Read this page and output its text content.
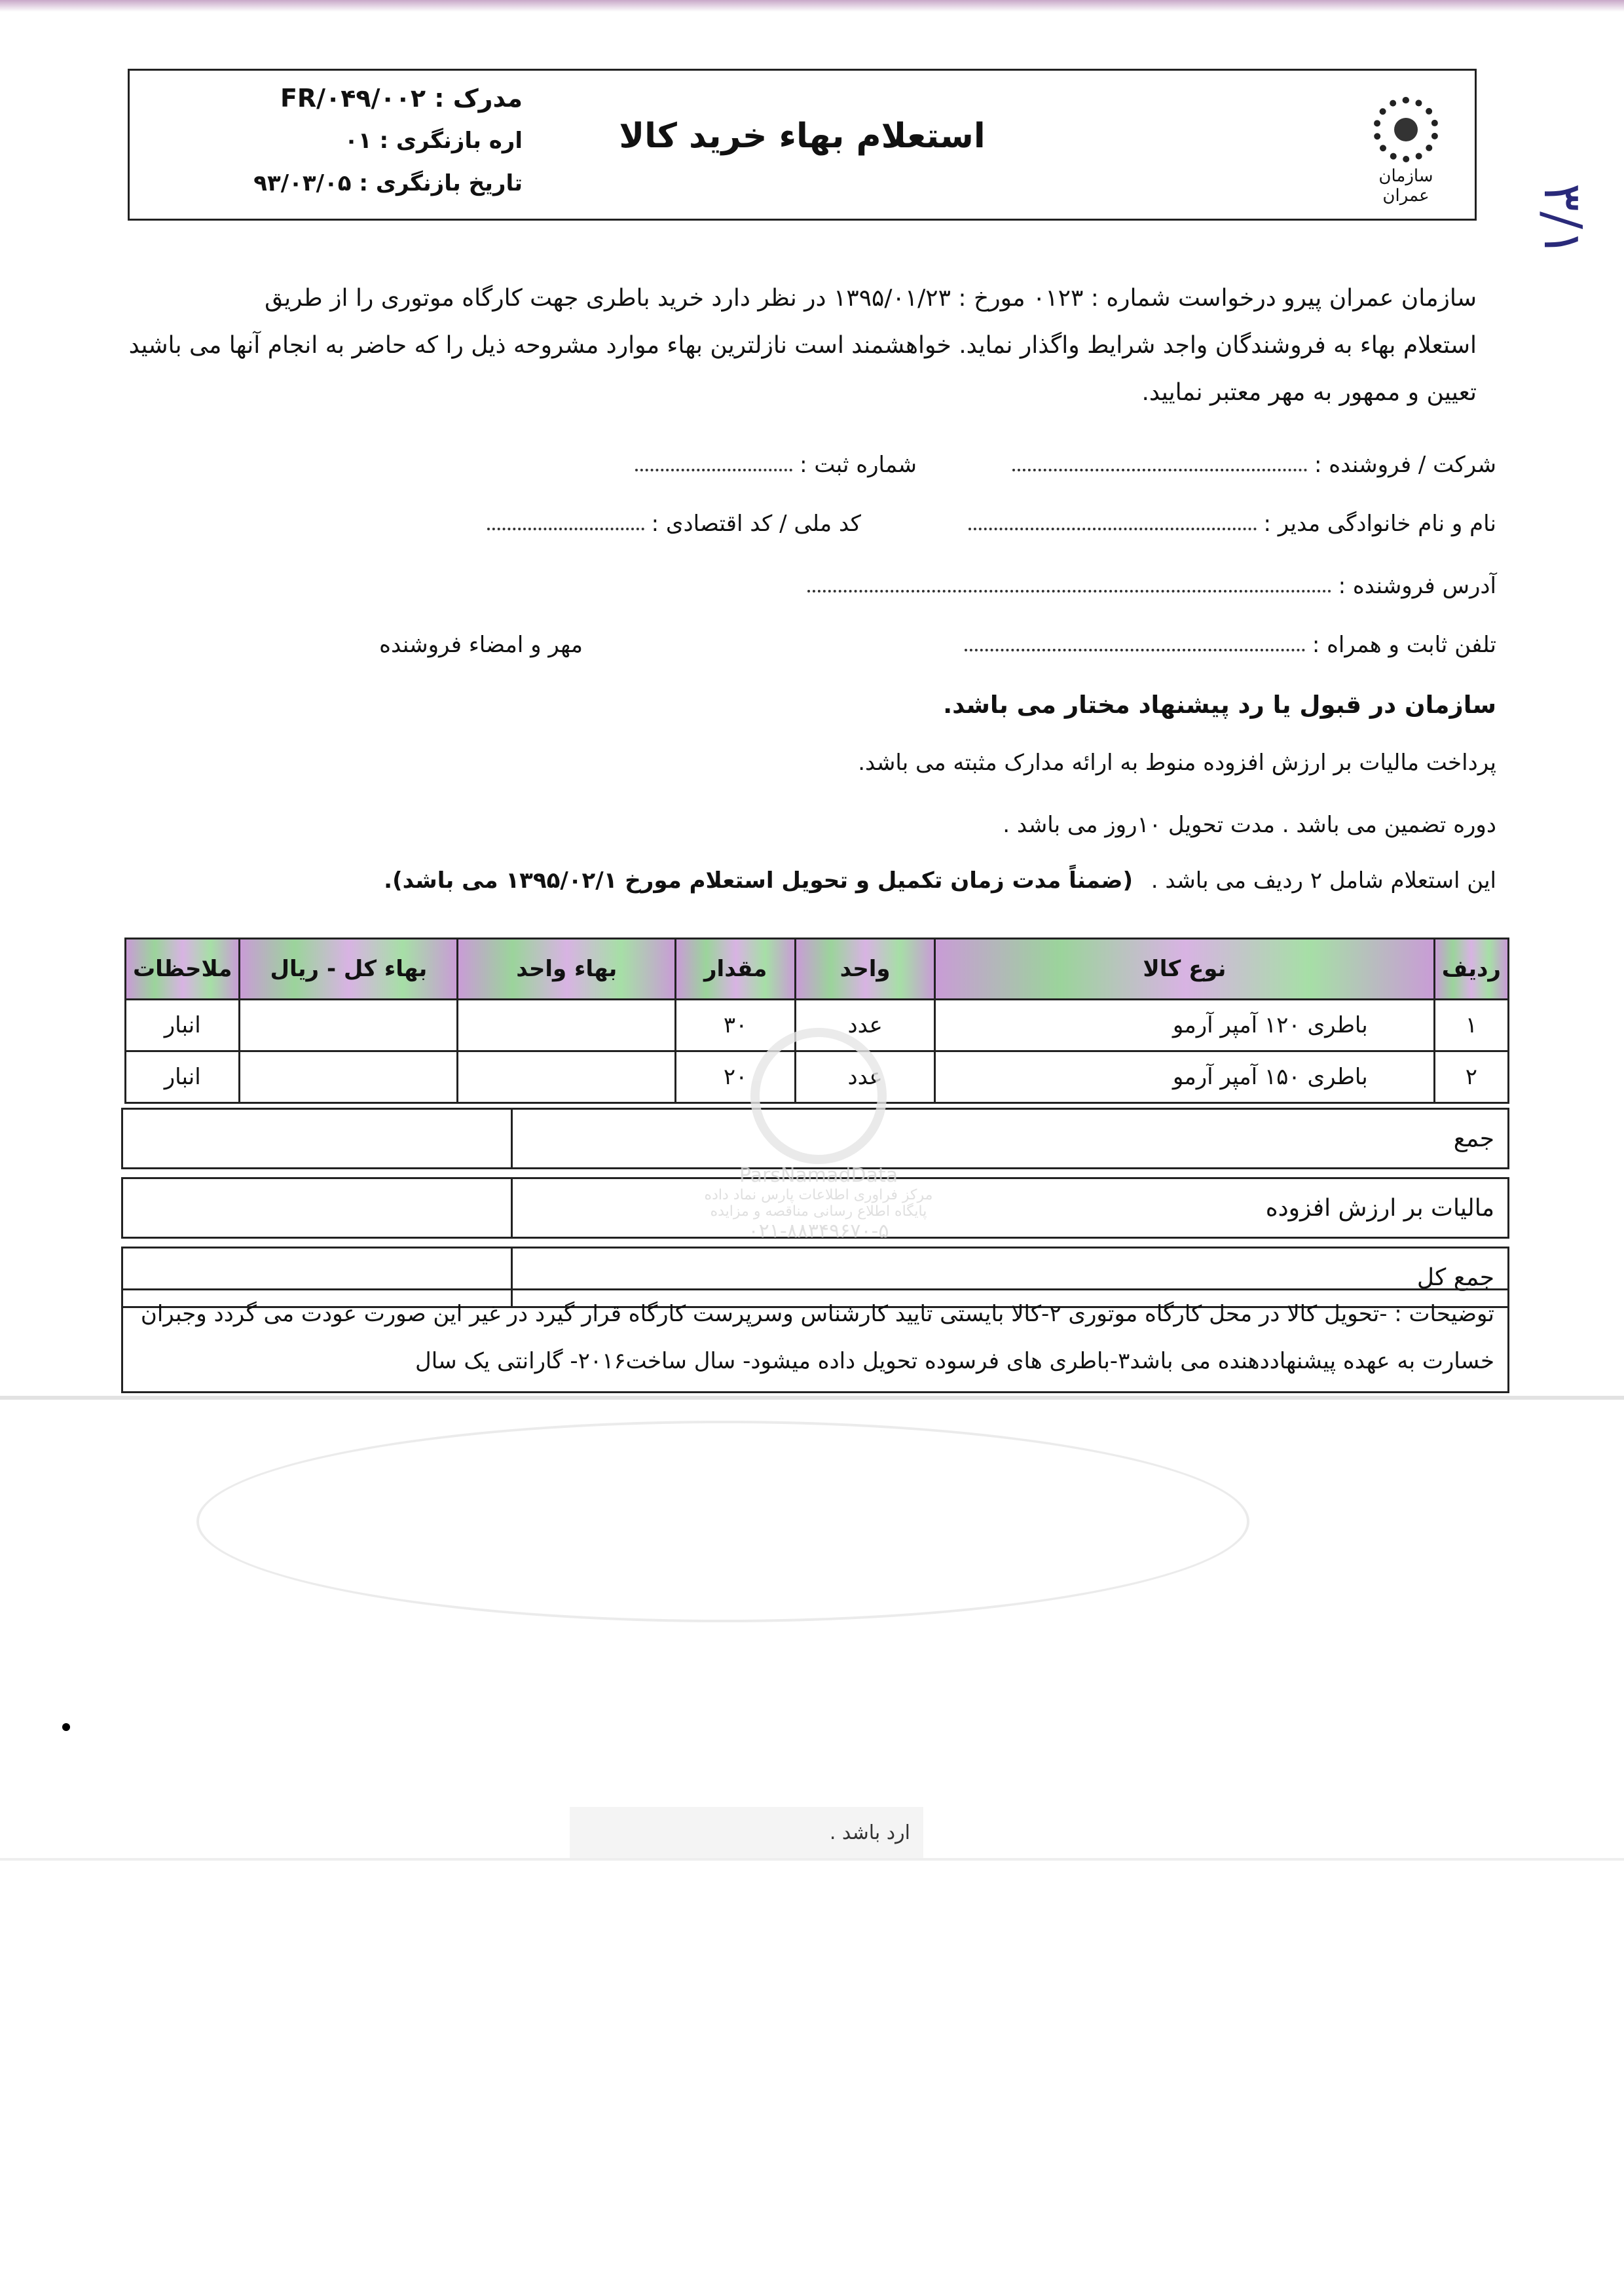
سازمان عمران
استعلام بهاء خرید کالا
مدرک : FR/۰۴۹/۰۰۲
اره بازنگری : ۰۱
تاریخ بازنگری : ۹۳/۰۳/۰۵
۳/۱
سازمان عمران پیرو درخواست شماره : ۰۱۲۳ مورخ : ۱۳۹۵/۰۱/۲۳ در نظر دارد خرید باطری جهت کارگاه موتوری را از طریق
استعلام بهاء به فروشندگان واجد شرایط واگذار نماید. خواهشمند است نازلترین بهاء موارد مشروحه ذیل را که حاضر به انجام آنها می باشید
تعیین و ممهور به مهر معتبر نمایید.
شرکت / فروشنده :
شماره ثبت :
نام و نام خانوادگی مدیر :
کد ملی / کد اقتصادی :
آدرس فروشنده :
تلفن ثابت و همراه :
مهر و امضاء فروشنده
سازمان در قبول یا رد پیشنهاد مختار می باشد.
پرداخت مالیات بر ارزش افزوده منوط به ارائه مدارک مثبته می باشد.
دوره تضمین می باشد . مدت تحویل ۱۰روز می باشد .
این استعلام شامل ۲ ردیف می باشد .
(ضمناً مدت زمان تکمیل و تحویل استعلام مورخ ۱۳۹۵/۰۲/۱ می باشد).
ردیف	نوع کالا	واحد	مقدار	بهاء واحد	بهاء کل - ریال	ملاحظات
۱	باطری ۱۲۰ آمپر آرمو	عدد	۳۰			انبار
۲	باطری ۱۵۰ آمپر آرمو	عدد	۲۰			انبار
جمع	

مالیات بر ارزش افزوده	

جمع کل	
ParsNamadData
مرکز فراوری اطلاعات پارس نماد داده
پایگاه اطلاع رسانی مناقصه و مزایده
۰۲۱-۸۸۳۴۹۶۷۰-۵
توضیحات : -تحویل کالا در محل کارگاه موتوری ۲-کالا بایستی تایید کارشناس وسرپرست کارگاه قرار گیرد در غیر این صورت عودت می گردد وجبران
خسارت به عهده پیشنهاددهنده می باشد۳-باطری های فرسوده تحویل داده میشود- سال ساخت۲۰۱۶- گارانتی یک سال
ارد باشد .
